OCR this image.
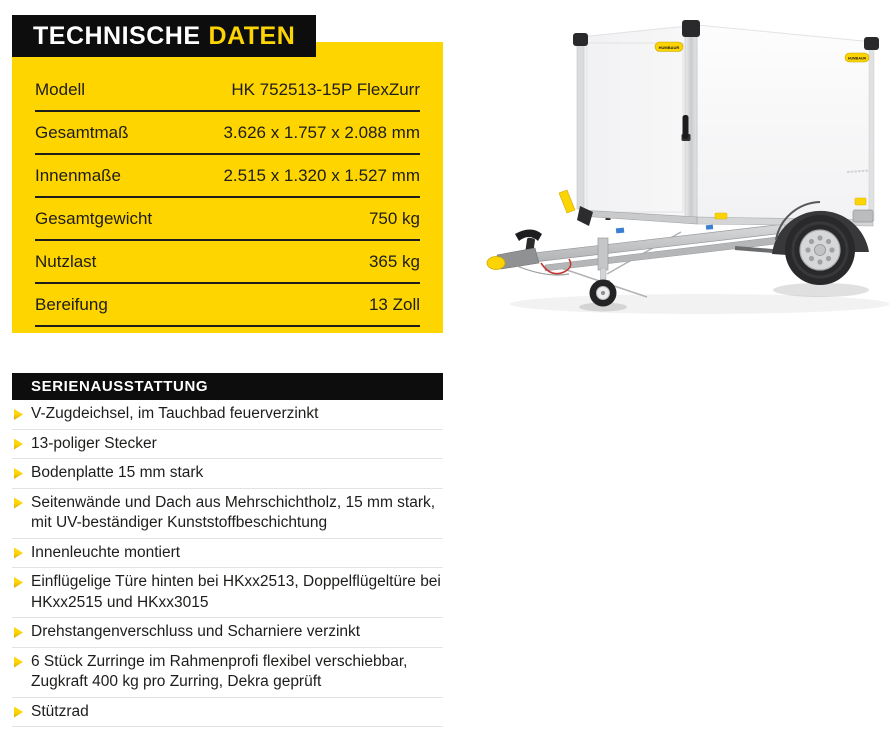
Modell	HK 752513-15P FlexZurr
Gesamtmaß	3.626 x 1.757 x 2.088 mm
Innenmaße	2.515 x 1.320 x 1.527 mm
Gesamtgewicht	750 kg
Nutzlast	365 kg
Bereifung	13 Zoll
TECHNISCHE DATEN
SERIENAUSSTATTUNG
V-Zugdeichsel, im Tauchbad feuerverzinkt
13-poliger Stecker
Bodenplatte 15 mm stark
Seitenwände und Dach aus Mehrschichtholz, 15 mm stark, mit UV-beständiger Kunststoffbeschichtung
Innenleuchte montiert
Einflügelige Türe hinten bei HKxx2513, Doppelflügeltüre bei HKxx2515 und HKxx3015
Drehstangenverschluss und Scharniere verzinkt
6 Stück Zurringe im Rahmenprofi flexibel verschiebbar, Zugkraft 400 kg pro Zurring, Dekra geprüft
Stützrad
HUMBAUR
HUMBAUR
